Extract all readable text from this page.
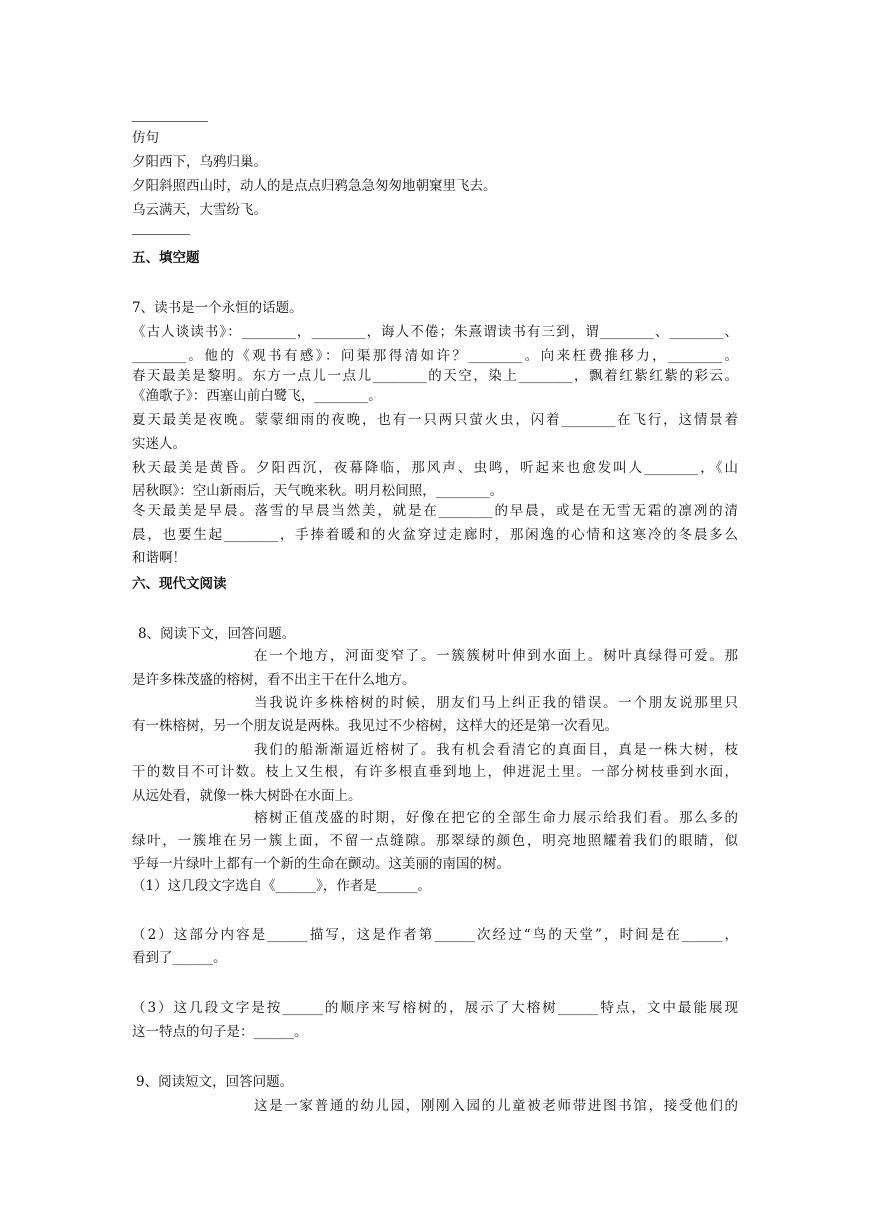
仿句
夕阳西下，乌鸦归巢。
夕阳斜照西山时，动人的是点点归鸦急急匆匆地朝窠里飞去。
乌云满天，大雪纷飞。
五、填空题
7、读书是一个永恒的话题。
《古人谈读书》：________，________，诲人不倦；朱熹谓读书有三到，谓________、________、
________。他的《观书有感》：问渠那得清如许？________。向来枉费推移力，________。
春天最美是黎明。东方一点儿一点儿________的天空，染上________，飘着红紫红紫的彩云。
《渔歌子》：西塞山前白鹭飞，________。
夏天最美是夜晚。蒙蒙细雨的夜晚，也有一只两只萤火虫，闪着________在飞行，这情景着
实迷人。
秋天最美是黄昏。夕阳西沉，夜幕降临，那风声、虫鸣，听起来也愈发叫人________，《山
居秋暝》：空山新雨后，天气晚来秋。明月松间照，________。
冬天最美是早晨。落雪的早晨当然美，就是在________的早晨，或是在无雪无霜的凛冽的清
晨，也要生起________，手捧着暖和的火盆穿过走廊时，那闲逸的心情和这寒冷的冬晨多么
和谐啊！
六、现代文阅读
8、阅读下文，回答问题。
在一个地方，河面变窄了。一簇簇树叶伸到水面上。树叶真绿得可爱。那
是许多株茂盛的榕树，看不出主干在什么地方。
当我说许多株榕树的时候，朋友们马上纠正我的错误。一个朋友说那里只
有一株榕树，另一个朋友说是两株。我见过不少榕树，这样大的还是第一次看见。
我们的船渐渐逼近榕树了。我有机会看清它的真面目，真是一株大树，枝
干的数目不可计数。枝上又生根，有许多根直垂到地上，伸进泥土里。一部分树枝垂到水面，
从远处看，就像一株大树卧在水面上。
榕树正值茂盛的时期，好像在把它的全部生命力展示给我们看。那么多的
绿叶，一簇堆在另一簇上面，不留一点缝隙。那翠绿的颜色，明亮地照耀着我们的眼睛，似
乎每一片绿叶上都有一个新的生命在颤动。这美丽的南国的树。
（1）这几段文字选自《______》，作者是______。
（2）这部分内容是______描写，这是作者第______次经过“鸟的天堂”，时间是在______，
看到了______。
（3）这几段文字是按______的顺序来写榕树的，展示了大榕树______特点，文中最能展现
这一特点的句子是：______。
9、阅读短文，回答问题。
这是一家普通的幼儿园，刚刚入园的儿童被老师带进图书馆，接受他们的
